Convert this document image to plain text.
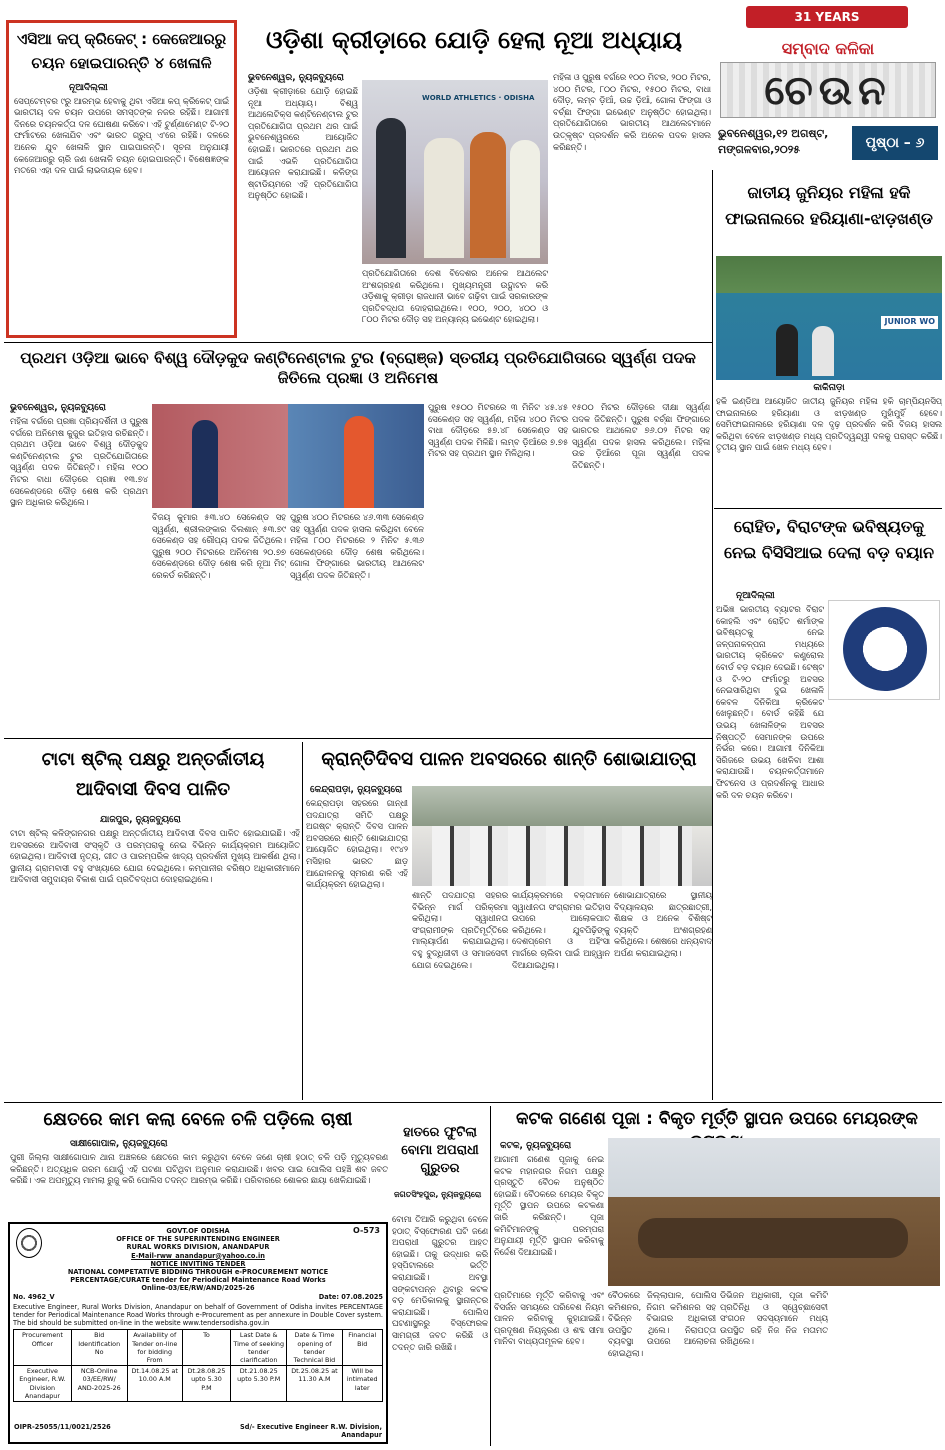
ଏସିଆ କପ୍ କ୍ରିକେଟ୍ : କେଜେଆରରୁ
ଚୟନ ହୋଇପାରନ୍ତି ୪ ଖେଳାଳି
ନୂଆଦିଲ୍ଲୀ
ସେପ୍ଟେମ୍ବର ୯ରୁ ଆରମ୍ଭ ହେବାକୁ ଥିବା ଏସିଆ କପ୍ କ୍ରିକେଟ୍ ପାଇଁ ଭାରତୀୟ ଦଳ ଚୟନ ଉପରେ ସମସ୍ତଙ୍କ ନଜର ରହିଛି। ଆଗାମୀ ଦିନରେ ଚୟନକର୍ତ୍ତା ଦଳ ଘୋଷଣା କରିବେ। ଏହି ଟୁର୍ଣ୍ଣାମେଣ୍ଟ ଟି-୨୦ ଫର୍ମାଟରେ ଖେଳାଯିବ ଏବଂ ଭାରତ ଗ୍ରୁପ୍ ଏ'ରେ ରହିଛି। ଦଳରେ ଅନେକ ଯୁବ ଖେଳାଳି ସ୍ଥାନ ପାଇପାରନ୍ତି। ସୂଚନା ଅନୁଯାୟୀ କେଜେଆରରୁ ଚାରି ଜଣ ଖେଳାଳି ଚୟନ ହୋଇପାରନ୍ତି। ବିଶେଷଜ୍ଞଙ୍କ ମତରେ ଏହା ଦଳ ପାଇଁ ଲାଭଦାୟକ ହେବ।
ଓଡ଼ିଶା କ୍ରୀଡ଼ାରେ ଯୋଡ଼ି ହେଲା ନୂଆ ଅଧ୍ୟାୟ
ଭୁବନେଶ୍ୱର, ନ୍ୟୁଜବ୍ୟୁରୋ
ଓଡ଼ିଶା କ୍ରୀଡ଼ାରେ ଯୋଡ଼ି ହୋଇଛି ନୂଆ ଅଧ୍ୟାୟ। ବିଶ୍ୱ ଆଥଲେଟିକ୍ସ କଣ୍ଟିନେଣ୍ଟାଲ ଟୁର ପ୍ରତିଯୋଗିତା ପ୍ରଥମ ଥର ପାଇଁ ଭୁବନେଶ୍ୱରରେ ଆୟୋଜିତ ହୋଇଛି। ଭାରତରେ ପ୍ରଥମ ଥର ପାଇଁ ଏଭଳି ପ୍ରତିଯୋଗିତା ଆୟୋଜନ କରାଯାଇଛି। କଳିଙ୍ଗ ଷ୍ଟାଡିୟମରେ ଏହି ପ୍ରତିଯୋଗିତା ଅନୁଷ୍ଠିତ ହୋଇଛି।
WORLD ATHLETICS · ODISHA
ପ୍ରତିଯୋଗିତାରେ ଦେଶ ବିଦେଶର ଅନେକ ଆଥଲେଟ ଅଂଶଗ୍ରହଣ କରିଥିଲେ। ମୁଖ୍ୟମନ୍ତ୍ରୀ ଉଦ୍ଘାଟନ କରି ଓଡ଼ିଶାକୁ କ୍ରୀଡ଼ା ରାଜଧାନୀ ଭାବେ ଗଢ଼ିବା ପାଇଁ ସରକାରଙ୍କ ପ୍ରତିବଦ୍ଧତା ଦୋହରାଇଥିଲେ। ୧୦୦, ୨୦୦, ୪୦୦ ଓ ୮୦୦ ମିଟର ଦୌଡ଼ ସହ ଅନ୍ୟାନ୍ୟ ଇଭେଣ୍ଟ ହୋଇଥିଲା।
ମହିଳା ଓ ପୁରୁଷ ବର୍ଗରେ ୧୦୦ ମିଟର, ୨୦୦ ମିଟର, ୪୦୦ ମିଟର, ୮୦୦ ମିଟର, ୧୫୦୦ ମିଟର, ବାଧା ଦୌଡ଼, ଲମ୍ବ ଡ଼ିଆଁ, ଉଚ୍ଚ ଡ଼ିଆଁ, ଗୋଳା ଫିଙ୍ଗା ଓ ବର୍ଚ୍ଛା ଫିଙ୍ଗା ଇଭେଣ୍ଟ ଅନୁଷ୍ଠିତ ହୋଇଥିଲା। ପ୍ରତିଯୋଗିତାରେ ଭାରତୀୟ ଆଥଲେଟମାନେ ଉତ୍କୃଷ୍ଟ ପ୍ରଦର୍ଶନ କରି ଅନେକ ପଦକ ହାସଲ କରିଛନ୍ତି।
31 YEARS
ସମ୍ବାଦ କଳିକା
ଚେଉନ
ଭୁବନେଶ୍ୱର,୧୨ ଅଗଷ୍ଟ, ମଙ୍ଗଳବାର,୨୦୨୫	ପୃଷ୍ଠା – ୬
ଜାତୀୟ ଜୁନିୟର ମହିଳା ହକି ଫାଇନାଲରେ ହରିୟାଣା-ଝାଡ଼ଖଣ୍ଡ
JUNIOR WO
କାକିନାଡ଼ା
ହକି ଇଣ୍ଡିଆ ଆୟୋଜିତ ଜାତୀୟ ଜୁନିୟର ମହିଳା ହକି ଚାମ୍ପିୟନସିପ୍ ଫାଇନାଲରେ ହରିୟାଣା ଓ ଝାଡ଼ଖଣ୍ଡ ମୁହାଁମୁହିଁ ହେବେ। ସେମିଫାଇନାଲରେ ହରିୟାଣା ଦଳ ଦୃଢ଼ ପ୍ରଦର୍ଶନ କରି ବିଜୟ ହାସଲ କରିଥିବା ବେଳେ ଝାଡ଼ଖଣ୍ଡ ମଧ୍ୟ ପ୍ରତିଦ୍ୱନ୍ଦ୍ୱୀ ଦଳକୁ ପରାସ୍ତ କରିଛି। ତୃତୀୟ ସ୍ଥାନ ପାଇଁ ଖେଳ ମଧ୍ୟ ହେବ।
ପ୍ରଥମ ଓଡ଼ିଆ ଭାବେ ବିଶ୍ୱ ଦୌଡ଼କୁଦ କଣ୍ଟିନେଣ୍ଟାଲ ଟୁର (ବ୍ରୋଞ୍ଜ) ସ୍ତରୀୟ ପ୍ରତିଯୋଗିତାରେ ସ୍ୱର୍ଣ୍ଣ ପଦକ ଜିତିଲେ ପ୍ରଜ୍ଞା ଓ ଅନିମେଷ
ଭୁବନେଶ୍ୱର, ନ୍ୟୁଜବ୍ୟୁରୋ
ମହିଳା ବର୍ଗରେ ପ୍ରଜ୍ଞା ପ୍ରିୟଦର୍ଶିନୀ ଓ ପୁରୁଷ ବର୍ଗରେ ଅନିମେଷ କୁଜୁର ଇତିହାସ ରଚିଛନ୍ତି। ପ୍ରଥମ ଓଡ଼ିଆ ଭାବେ ବିଶ୍ୱ ଦୌଡ଼କୁଦ କଣ୍ଟିନେଣ୍ଟାଲ ଟୁର ପ୍ରତିଯୋଗିତାରେ ସ୍ୱର୍ଣ୍ଣ ପଦକ ଜିତିଛନ୍ତି। ମହିଳା ୧୦୦ ମିଟର ବାଧା ଦୌଡ଼ରେ ପ୍ରଜ୍ଞା ୧୩.୭୪ ସେକେଣ୍ଡରେ ଦୌଡ଼ ଶେଷ କରି ପ୍ରଥମ ସ୍ଥାନ ଅଧିକାର କରିଥିଲେ।
ବିଜୟ କୁମାର ୫୩.୪୦ ସେକେଣ୍ଡ ସହ ସ୍ୱର୍ଣ୍ଣ, ଶ୍ରୀଲଙ୍କାର ଦିଲଶାନ୍ ୫୩.୭୯ ସେକେଣ୍ଡ ସହ ରୌପ୍ୟ ପଦକ ଜିତିଥିଲେ। ପୁରୁଷ ୨୦୦ ମିଟରରେ ଅନିମେଷ ୨୦.୭୭ ସେକେଣ୍ଡରେ ଦୌଡ଼ ଶେଷ କରି ନୂଆ ମିଟ୍ ରେକର୍ଡ କରିଛନ୍ତି।
ପୁରୁଷ ୪୦୦ ମିଟରରେ ୪୬.୩୩ ସେକେଣ୍ଡ ସହ ସ୍ୱର୍ଣ୍ଣ ପଦକ ହାସଲ କରିଥିବା ବେଳେ ମହିଳା ୮୦୦ ମିଟରରେ ୨ ମିନିଟ ୫.୩୬ ସେକେଣ୍ଡରେ ଦୌଡ଼ ଶେଷ କରିଥିଲେ। ଗୋଳା ଫିଙ୍ଗାରେ ଭାରତୀୟ ଆଥଲେଟ ସ୍ୱର୍ଣ୍ଣ ପଦକ ଜିତିଛନ୍ତି।
ପୁରୁଷ ୧୫୦୦ ମିଟରରେ ୩ ମିନିଟ ୪୫.୪୫ ସେକେଣ୍ଡ ସହ ସ୍ୱର୍ଣ୍ଣ, ମହିଳା ୪୦୦ ମିଟର ବାଧା ଦୌଡ଼ରେ ୫୭.୪୮ ସେକେଣ୍ଡ ସହ ସ୍ୱର୍ଣ୍ଣ ପଦକ ମିଳିଛି। ଲମ୍ବ ଡ଼ିଆଁରେ ୭.୭୫ ମିଟର ସହ ପ୍ରଥମ ସ୍ଥାନ ମିଳିଥିଲା।
୧୫୦୦ ମିଟର ଦୌଡ଼ରେ ଦୀକ୍ଷା ସ୍ୱର୍ଣ୍ଣ ପଦକ ଜିତିଛନ୍ତି। ପୁରୁଷ ବର୍ଚ୍ଛା ଫିଙ୍ଗାରେ ଭାରତର ଆଥଲେଟ ୭୬.୦୨ ମିଟର ସହ ସ୍ୱର୍ଣ୍ଣ ପଦକ ହାସଲ କରିଥିଲେ। ମହିଳା ଉଚ୍ଚ ଡ଼ିଆଁରେ ପୂଜା ସ୍ୱର୍ଣ୍ଣ ପଦକ ଜିତିଛନ୍ତି।
ରୋହିତ, ବିରାଟଙ୍କ ଭବିଷ୍ୟତକୁ ନେଇ ବିସିସିଆଇ ଦେଲା ବଡ଼ ବୟାନ
ନୂଆଦିଲ୍ଲୀ
ଅଭିଜ୍ଞ ଭାରତୀୟ ବ୍ୟାଟର ବିରାଟ କୋହଲି ଏବଂ ରୋହିତ ଶର୍ମାଙ୍କ ଭବିଷ୍ୟତକୁ ନେଇ ଜଳ୍ପନାକଳ୍ପନା ମଧ୍ୟରେ ଭାରତୀୟ କ୍ରିକେଟ କଣ୍ଟ୍ରୋଲ ବୋର୍ଡ ବଡ଼ ବୟାନ ଦେଇଛି। ଟେଷ୍ଟ ଓ ଟି-୨୦ ଫର୍ମାଟରୁ ଅବସର ନେଇସାରିଥିବା ଦୁଇ ଖେଳାଳି କେବଳ ଦିନିକିଆ କ୍ରିକେଟ ଖେଳୁଛନ୍ତି। ବୋର୍ଡ କହିଛି ଯେ ଉଭୟ ଖେଳାଳିଙ୍କ ଅବସର ନିଷ୍ପତ୍ତି ସେମାନଙ୍କ ଉପରେ ନିର୍ଭର କରେ। ଆଗାମୀ ଦିନିକିଆ ସିରିଜରେ ଉଭୟ ଖେଳିବା ଆଶା କରାଯାଉଛି। ଚୟନକର୍ତ୍ତାମାନେ ଫିଟନେସ ଓ ପ୍ରଦର୍ଶନକୁ ଆଧାର କରି ଦଳ ଚୟନ କରିବେ।
ଟାଟା ଷ୍ଟିଲ୍ ପକ୍ଷରୁ ଅନ୍ତର୍ଜାତୀୟ
ଆଦିବାସୀ ଦିବସ ପାଳିତ
ଯାଜପୁର, ନ୍ୟୁଜବ୍ୟୁରୋ
ଟାଟା ଷ୍ଟିଲ୍ କଳିଙ୍ଗନଗର ପକ୍ଷରୁ ଅନ୍ତର୍ଜାତୀୟ ଆଦିବାସୀ ଦିବସ ପାଳିତ ହୋଇଯାଇଛି। ଏହି ଅବସରରେ ଆଦିବାସୀ ସଂସ୍କୃତି ଓ ପରମ୍ପରାକୁ ନେଇ ବିଭିନ୍ନ କାର୍ଯ୍ୟକ୍ରମ ଆୟୋଜିତ ହୋଇଥିଲା। ଆଦିବାସୀ ନୃତ୍ୟ, ଗୀତ ଓ ପାରମ୍ପରିକ ଖାଦ୍ୟ ପ୍ରଦର୍ଶନୀ ମୁଖ୍ୟ ଆକର୍ଷଣ ଥିଲା। ସ୍ଥାନୀୟ ଗ୍ରାମବାସୀ ବହୁ ସଂଖ୍ୟାରେ ଯୋଗ ଦେଇଥିଲେ। କମ୍ପାନୀର ବରିଷ୍ଠ ଅଧିକାରୀମାନେ ଆଦିବାସୀ ସମୁଦାୟର ବିକାଶ ପାଇଁ ପ୍ରତିବଦ୍ଧତା ଦୋହରାଇଥିଲେ।
କ୍ରାନ୍ତିଦିବସ ପାଳନ ଅବସରରେ ଶାନ୍ତି ଶୋଭାଯାତ୍ରା
କେନ୍ଦ୍ରାପଡ଼ା, ନ୍ୟୁଜବ୍ୟୁରୋ
କେନ୍ଦ୍ରାପଡ଼ା ସହରରେ ଗାନ୍ଧୀ ପଦଯାତ୍ରା ସମିତି ପକ୍ଷରୁ ଅଗଷ୍ଟ କ୍ରାନ୍ତି ଦିବସ ପାଳନ ଅବସରରେ ଶାନ୍ତି ଶୋଭାଯାତ୍ରା ଆୟୋଜିତ ହୋଇଥିଲା। ୧୯୪୨ ମସିହାର ଭାରତ ଛାଡ଼ ଆନ୍ଦୋଳନକୁ ସ୍ମରଣ କରି ଏହି କାର୍ଯ୍ୟକ୍ରମ ହୋଇଥିଲା।
ଶାନ୍ତି ପଦଯାତ୍ରା ସହରର ବିଭିନ୍ନ ମାର୍ଗ ପରିକ୍ରମା କରିଥିଲା। ସ୍ୱାଧୀନତା ସଂଗ୍ରାମୀଙ୍କ ପ୍ରତିମୂର୍ତ୍ତିରେ ମାଲ୍ୟାର୍ପଣ କରାଯାଇଥିଲା। ବହୁ ବୁଦ୍ଧିଜୀବୀ ଓ ସମାଜସେବୀ ଯୋଗ ଦେଇଥିଲେ।
କାର୍ଯ୍ୟକ୍ରମରେ ବକ୍ତାମାନେ ସ୍ୱାଧୀନତା ସଂଗ୍ରାମର ଇତିହାସ ଉପରେ ଆଲୋକପାତ କରିଥିଲେ। ଯୁବପିଢ଼ିଙ୍କୁ ଦେଶପ୍ରେମ ଓ ଅହିଂସା ମାର୍ଗରେ ଚାଲିବା ପାଇଁ ଆହ୍ୱାନ ଦିଆଯାଇଥିଲା।
ଶୋଭାଯାତ୍ରାରେ ସ୍ଥାନୀୟ ବିଦ୍ୟାଳୟର ଛାତ୍ରଛାତ୍ରୀ, ଶିକ୍ଷକ ଓ ଅନେକ ବିଶିଷ୍ଟ ବ୍ୟକ୍ତି ଅଂଶଗ୍ରହଣ କରିଥିଲେ। ଶେଷରେ ଧନ୍ୟବାଦ ଅର୍ପଣ କରାଯାଇଥିଲା।
କ୍ଷେତରେ କାମ କଲା ବେଳେ ଚଳି ପଡ଼ିଲେ ଚାଷୀ
ସାକ୍ଷୀଗୋପାଳ, ନ୍ୟୁଜବ୍ୟୁରୋ
ପୁରୀ ଜିଲ୍ଲା ସାକ୍ଷୀଗୋପାଳ ଥାନା ଅଞ୍ଚଳରେ କ୍ଷେତରେ କାମ କରୁଥିବା ବେଳେ ଜଣେ ଚାଷୀ ହଠାତ୍ ଚଳି ପଡ଼ି ମୃତ୍ୟୁବରଣ କରିଛନ୍ତି। ଅତ୍ୟଧିକ ଗରମ ଯୋଗୁଁ ଏହି ଘଟଣା ଘଟିଥିବା ଅନୁମାନ କରାଯାଉଛି। ଖବର ପାଇ ପୋଲିସ ପହଞ୍ଚି ଶବ ଜବତ କରିଛି। ଏକ ଅପମୃତ୍ୟୁ ମାମଲା ରୁଜୁ କରି ପୋଲିସ ତଦନ୍ତ ଆରମ୍ଭ କରିଛି। ପରିବାରରେ ଶୋକର ଛାୟା ଖେଳିଯାଇଛି।
ହାତରେ ଫୁଟିଲା ବୋମା ଅପରାଧୀ ଗୁରୁତର
ଜଗତସିଂହପୁର, ନ୍ୟୁଜବ୍ୟୁରୋ
ବୋମା ତିଆରି କରୁଥିବା ବେଳେ ହଠାତ୍ ବିସ୍ଫୋରଣ ଘଟି ଜଣେ ଅପରାଧୀ ଗୁରୁତର ଆହତ ହୋଇଛି। ତାକୁ ଉଦ୍ଧାର କରି ହସ୍ପିଟାଲରେ ଭର୍ତ୍ତି କରାଯାଇଛି। ଅବସ୍ଥା ସଙ୍କଟାପନ୍ନ ଥିବାରୁ କଟକ ବଡ଼ ମେଡିକାଲକୁ ସ୍ଥାନାନ୍ତର କରାଯାଇଛି। ପୋଲିସ ଘଟଣାସ୍ଥଳରୁ ବିସ୍ଫୋରକ ସାମଗ୍ରୀ ଜବତ କରିଛି ଓ ତଦନ୍ତ ଜାରି ରଖିଛି।
କଟକ ଗଣେଶ ପୂଜା : ବିକୃତ ମୂର୍ତ୍ତି ସ୍ଥାପନ ଉପରେ ମେୟରଙ୍କ
କଟକ, ନ୍ୟୁଜବ୍ୟୁରୋ
ଆଗାମୀ ଗଣେଶ ପୂଜାକୁ ନେଇ କଟକ ମହାନଗର ନିଗମ ପକ୍ଷରୁ ପ୍ରସ୍ତୁତି ବୈଠକ ଅନୁଷ୍ଠିତ ହୋଇଛି। ବୈଠକରେ ମେୟର ବିକୃତ ମୂର୍ତ୍ତି ସ୍ଥାପନ ଉପରେ କଟକଣା ଜାରି କରିଛନ୍ତି। ପୂଜା କମିଟିମାନଙ୍କୁ ପରମ୍ପରା ଅନୁଯାୟୀ ମୂର୍ତ୍ତି ସ୍ଥାପନ କରିବାକୁ ନିର୍ଦ୍ଦେଶ ଦିଆଯାଇଛି।
ପ୍ରତିମାରେ ମୂର୍ତ୍ତି କରିବାକୁ ଏବଂ ବିସର୍ଜନ ସମୟରେ ପରିବେଶ ନିୟମ ପାଳନ କରିବାକୁ କୁହାଯାଇଛି। ପ୍ରଦୂଷଣ ନିୟନ୍ତ୍ରଣ ଓ ଶବ୍ଦ ସୀମା ମାନିବା ବାଧ୍ୟତାମୂଳକ ହେବ।
ବୈଠକରେ ଜିଲ୍ଲାପାଳ, ପୋଲିସ କମିଶନର, ନିଗମ କମିଶନର ସହ ବିଭିନ୍ନ ବିଭାଗର ଅଧିକାରୀ ଉପସ୍ଥିତ ଥିଲେ। ନିରାପତ୍ତା ବ୍ୟବସ୍ଥା ଉପରେ ଆଲୋଚନା ହୋଇଥିଲା।
ଡିଭିଜନ ଅଧିକାରୀ, ପୂଜା କମିଟି ପ୍ରତିନିଧି ଓ ସ୍ୱେଚ୍ଛାସେବୀ ସଂଗଠନ ସଦସ୍ୟମାନେ ମଧ୍ୟ ଉପସ୍ଥିତ ରହି ନିଜ ନିଜ ମତାମତ ରଖିଥିଲେ।
O-573
GOVT.OF ODISHA
OFFICE OF THE SUPERINTENDING ENGINEER
RURAL WORKS DIVISION, ANANDAPUR
E-Mail-rww_anandapur@yahoo.co.in
NOTICE INVITING TENDER
NATIONAL COMPETATIVE BIDDING THROUGH e-PROCUREMENT NOTICE
PERCENTAGE/CURATE tender for Periodical Maintenance Road Works
Online-03/EE/RW/AND/2025-26
No. 4962_V	Date: 07.08.2025
Executive Engineer, Rural Works Division, Anandapur on behalf of Government of Odisha invites PERCENTAGE tender for Periodical Maintenance Road Works through e-Procurement as per annexure in Double Cover system. The bid should be submitted on-line in the website www.tendersodisha.gov.in
Procurement Officer	Bid Identification No	Availability of Tender on-line for bidding From	To	Last Date & Time of seeking tender clarification	Date & Time opening of tender Technical Bid	Financial Bid
Executive Engineer, R.W. Division Anandapur	NCB-Online 03/EE/RW/ AND-2025-26	Dt.14.08.25 at 10.00 A.M	Dt.28.08.25 upto 5.30 P.M	Dt.21.08.25 upto 5.30 P.M	Dt.25.08.25 at 11.30 A.M	Will be intimated later
OIPR-25055/11/0021/2526	Sd/- Executive Engineer R.W. Division, Anandapur
